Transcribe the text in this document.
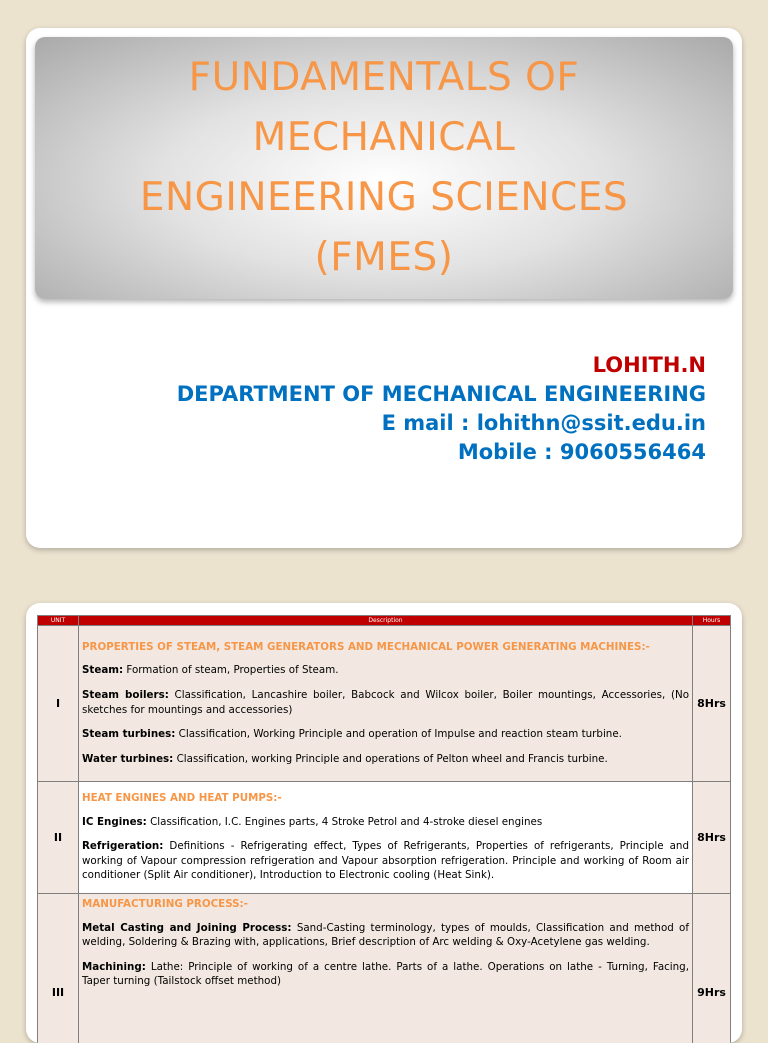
FUNDAMENTALS OF
MECHANICAL
ENGINEERING SCIENCES
(FMES)
LOHITH.N
DEPARTMENT OF MECHANICAL ENGINEERING
E mail : lohithn@ssit.edu.in
Mobile : 9060556464
UNIT	Description	Hours
I	PROPERTIES OF STEAM, STEAM GENERATORS AND MECHANICAL POWER GENERATING MACHINES:-
Steam: Formation of steam, Properties of Steam.
Steam boilers: Classification, Lancashire boiler, Babcock and Wilcox boiler, Boiler mountings, Accessories, (No sketches for mountings and accessories)
Steam turbines: Classification, Working Principle and operation of Impulse and reaction steam turbine.
Water turbines: Classification, working Principle and operations of Pelton wheel and Francis turbine.	8Hrs
II	HEAT ENGINES AND HEAT PUMPS:-
IC Engines: Classification, I.C. Engines parts, 4 Stroke Petrol and 4-stroke diesel engines
Refrigeration: Definitions - Refrigerating effect, Types of Refrigerants, Properties of refrigerants, Principle and working of Vapour compression refrigeration and Vapour absorption refrigeration. Principle and working of Room air conditioner (Split Air conditioner), Introduction to Electronic cooling (Heat Sink).	8Hrs
III	MANUFACTURING PROCESS:-
Metal Casting and Joining Process: Sand-Casting terminology, types of moulds, Classification and method of welding, Soldering & Brazing with, applications, Brief description of Arc welding & Oxy-Acetylene gas welding.
Machining: Lathe: Principle of working of a centre lathe. Parts of a lathe. Operations on lathe - Turning, Facing, Taper turning (Tailstock offset method)	9Hrs
